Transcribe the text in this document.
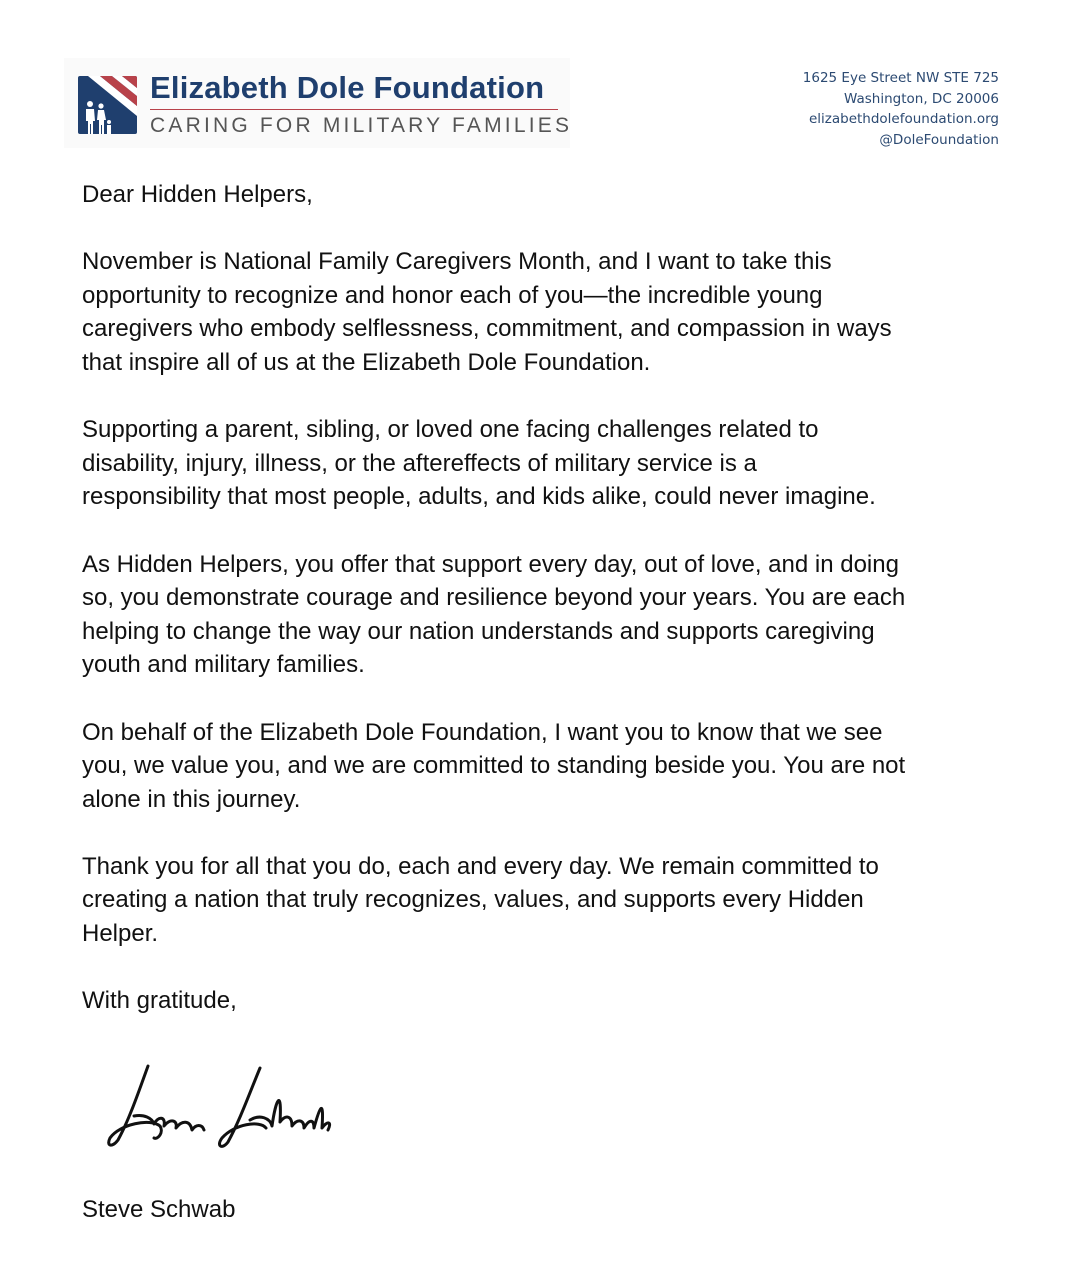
Elizabeth Dole Foundation
CARING FOR MILITARY FAMILIES
1625 Eye Street NW STE 725
Washington, DC 20006
elizabethdolefoundation.org
@DoleFoundation
Dear Hidden Helpers,
November is National Family Caregivers Month, and I want to take this
opportunity to recognize and honor each of you—the incredible young
caregivers who embody selflessness, commitment, and compassion in ways
that inspire all of us at the Elizabeth Dole Foundation.
Supporting a parent, sibling, or loved one facing challenges related to
disability, injury, illness, or the aftereffects of military service is a
responsibility that most people, adults, and kids alike, could never imagine.
As Hidden Helpers, you offer that support every day, out of love, and in doing
so, you demonstrate courage and resilience beyond your years. You are each
helping to change the way our nation understands and supports caregiving
youth and military families.
On behalf of the Elizabeth Dole Foundation, I want you to know that we see
you, we value you, and we are committed to standing beside you. You are not
alone in this journey.
Thank you for all that you do, each and every day. We remain committed to
creating a nation that truly recognizes, values, and supports every Hidden
Helper.
With gratitude,
Steve Schwab
